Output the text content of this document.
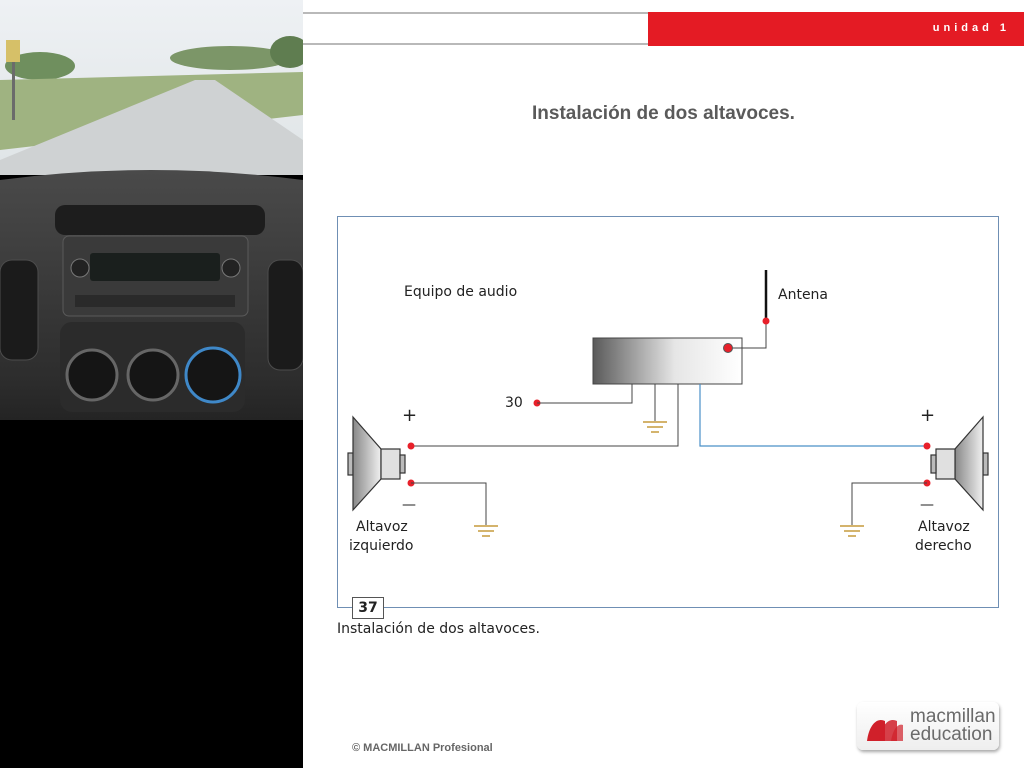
unidad 1
Instalación de dos altavoces.
Equipo de audio	Antena
30
+
—
+
—
Altavoz
izquierdo
Altavoz
derecho
37
Instalación de dos altavoces.
© MACMILLAN Profesional
macmillan
education
